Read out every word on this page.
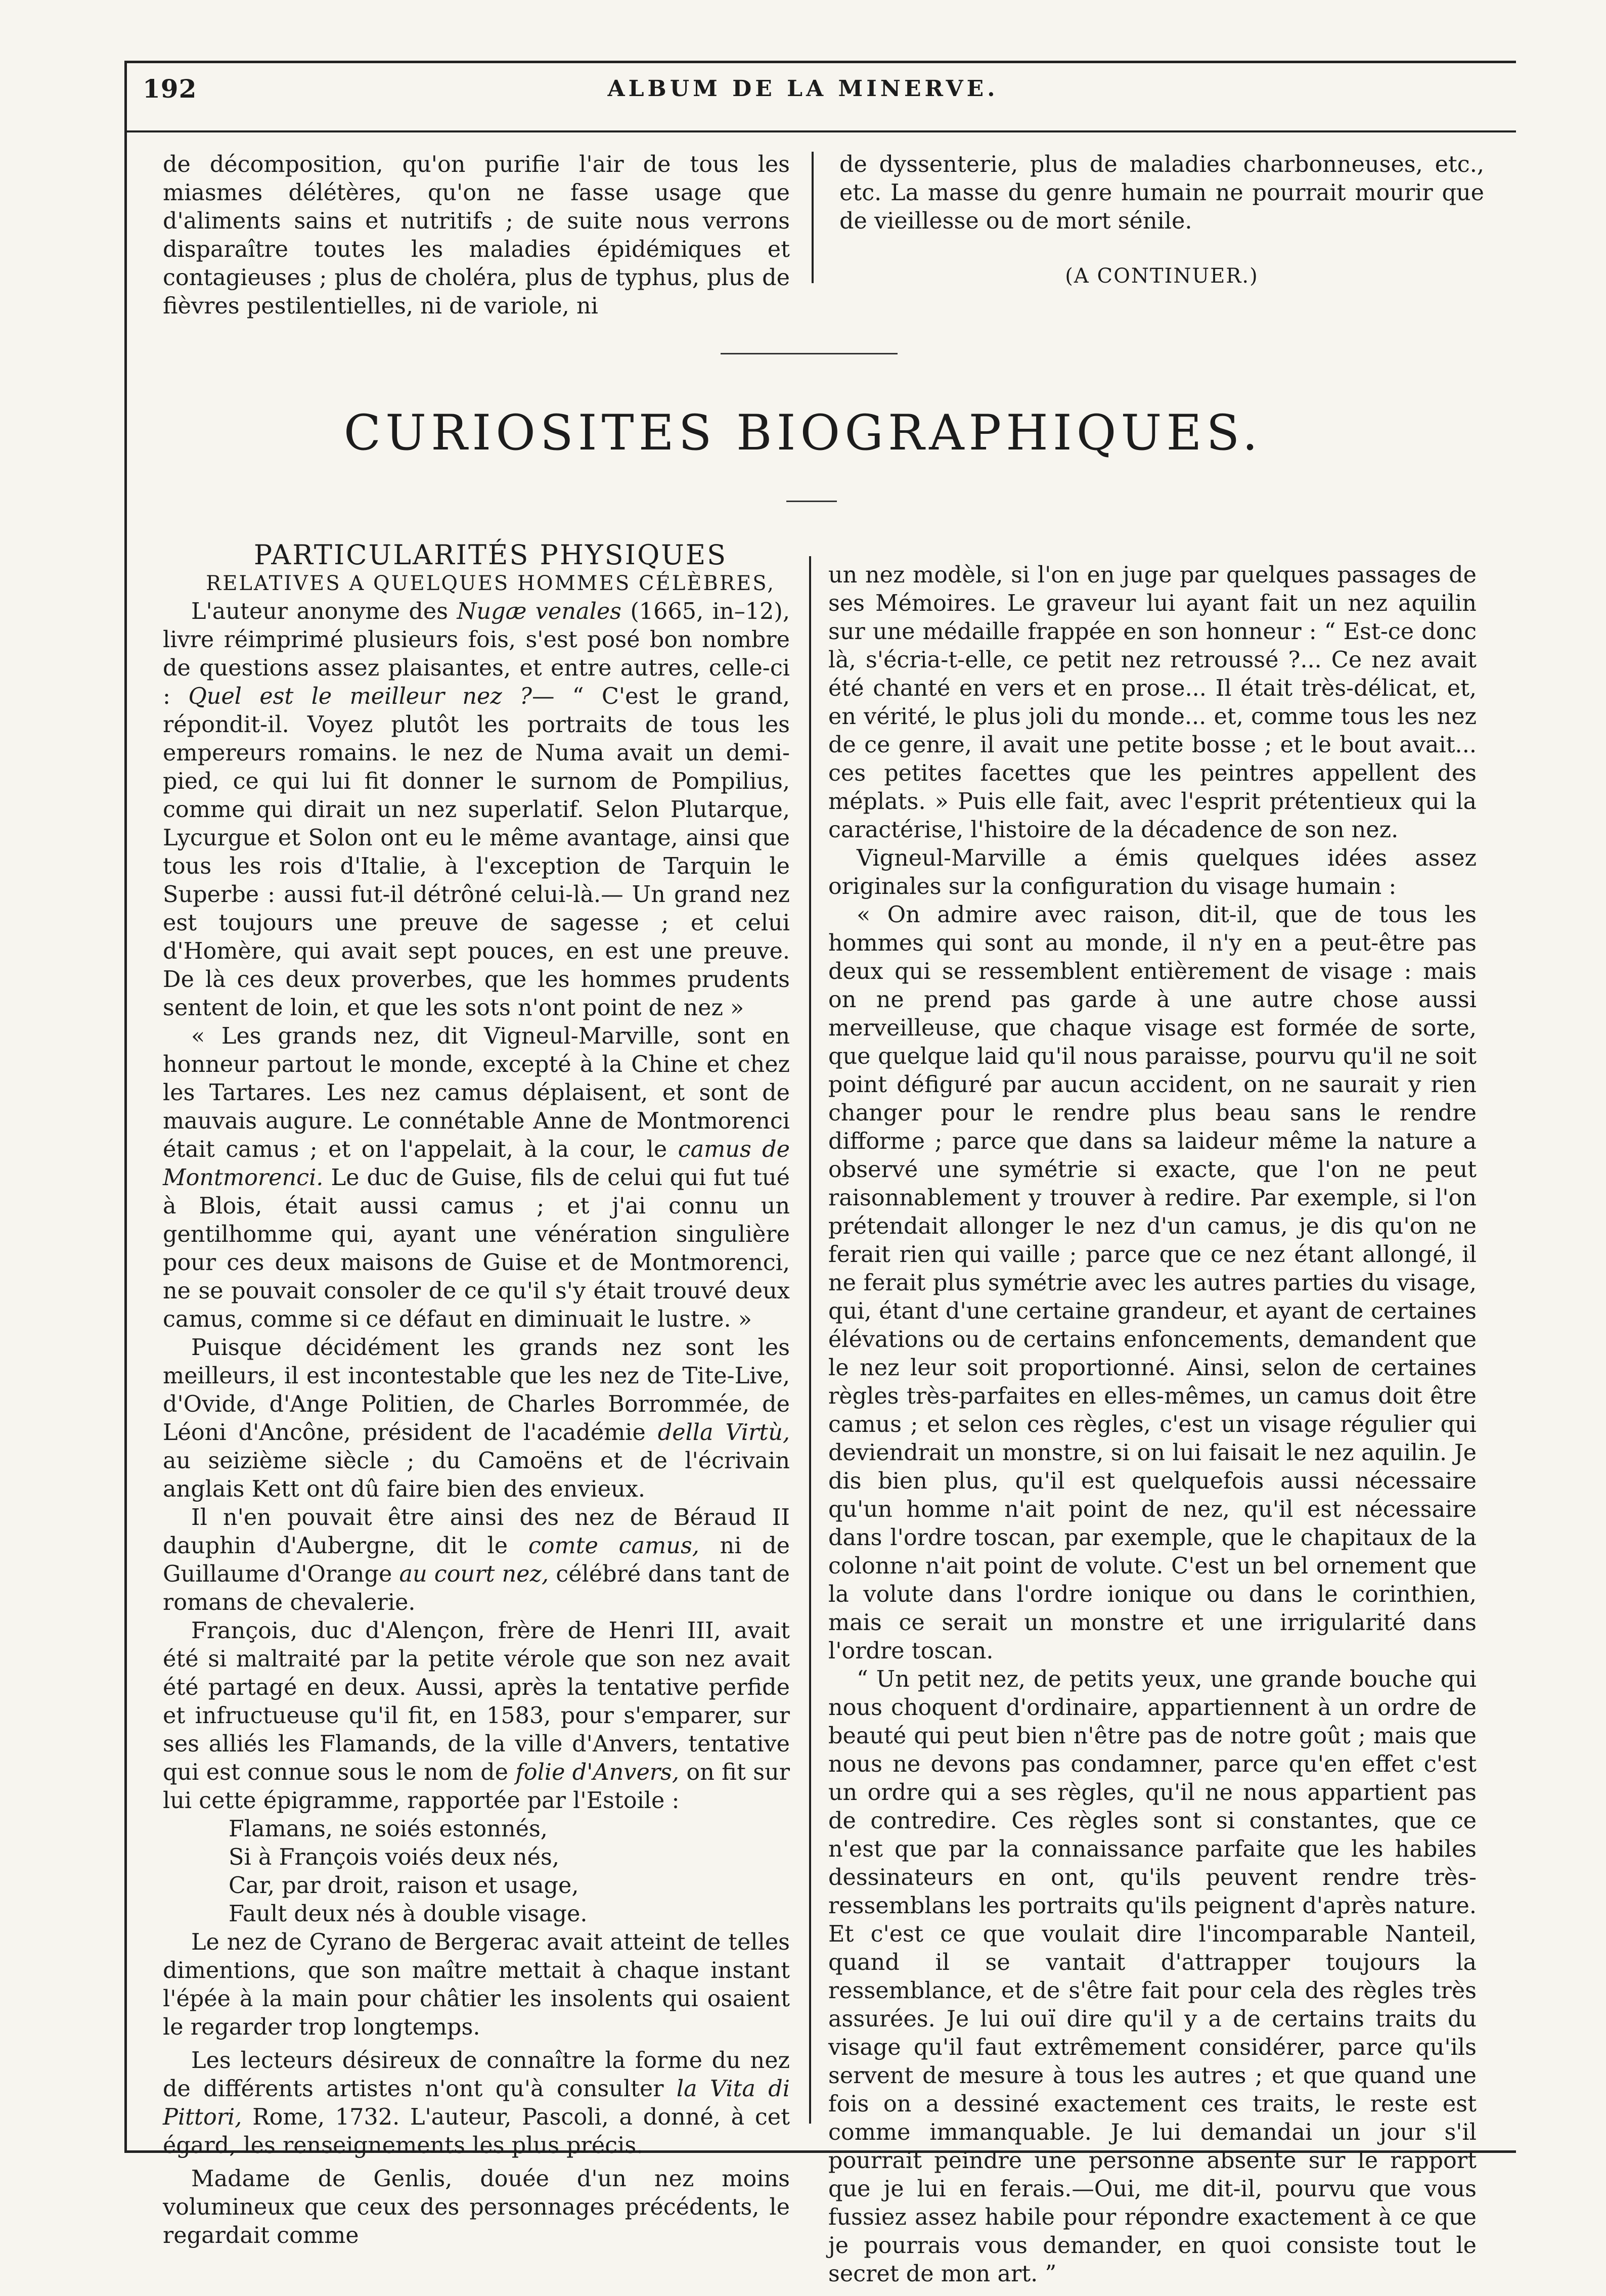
192	ALBUM DE LA MINERVE.

de décomposition, qu'on purifie l'air de tous les miasmes délétères, qu'on ne fasse usage que d'aliments sains et nutritifs ; de suite nous verrons disparaître toutes les maladies épidémiques et contagieuses ; plus de choléra, plus de typhus, plus de fièvres pestilentielles, ni de variole, ni

de dyssenterie, plus de maladies charbonneuses, etc., etc. La masse du genre humain ne pourrait mourir que de vieillesse ou de mort sénile.

(A CONTINUER.)

CURIOSITES BIOGRAPHIQUES.

PARTICULARITÉS PHYSIQUES

RELATIVES A QUELQUES HOMMES CÉLÈBRES,

L'auteur anonyme des Nugæ venales (1665, in–12), livre réimprimé plusieurs fois, s'est posé bon nombre de questions assez plaisantes, et entre autres, celle-ci : Quel est le meilleur nez ?— “ C'est le grand, répondit-il. Voyez plutôt les portraits de tous les empereurs romains. le nez de Numa avait un demi-pied, ce qui lui fit donner le surnom de Pompilius, comme qui dirait un nez superlatif. Selon Plutarque, Lycurgue et Solon ont eu le même avantage, ainsi que tous les rois d'Italie, à l'exception de Tarquin le Superbe : aussi fut-il détrôné celui-là.— Un grand nez est toujours une preuve de sagesse ; et celui d'Homère, qui avait sept pouces, en est une preuve. De là ces deux proverbes, que les hommes prudents sentent de loin, et que les sots n'ont point de nez »

« Les grands nez, dit Vigneul-Marville, sont en honneur partout le monde, excepté à la Chine et chez les Tartares. Les nez camus déplaisent, et sont de mauvais augure. Le connétable Anne de Montmorenci était camus ; et on l'appelait, à la cour, le camus de Montmorenci. Le duc de Guise, fils de celui qui fut tué à Blois, était aussi camus ; et j'ai connu un gentilhomme qui, ayant une vénération singulière pour ces deux maisons de Guise et de Montmorenci, ne se pouvait consoler de ce qu'il s'y était trouvé deux camus, comme si ce défaut en diminuait le lustre. »

Puisque décidément les grands nez sont les meilleurs, il est incontestable que les nez de Tite-Live, d'Ovide, d'Ange Politien, de Charles Borrommée, de Léoni d'Ancône, président de l'académie della Virtù, au seizième siècle ; du Camoëns et de l'écrivain anglais Kett ont dû faire bien des envieux.

Il n'en pouvait être ainsi des nez de Béraud II dauphin d'Aubergne, dit le comte camus, ni de Guillaume d'Orange au court nez, célébré dans tant de romans de chevalerie.

François, duc d'Alençon, frère de Henri III, avait été si maltraité par la petite vérole que son nez avait été partagé en deux. Aussi, après la tentative perfide et infructueuse qu'il fit, en 1583, pour s'emparer, sur ses alliés les Flamands, de la ville d'Anvers, tentative qui est connue sous le nom de folie d'Anvers, on fit sur lui cette épigramme, rapportée par l'Estoile :

Flamans, ne soiés estonnés,
Si à François voiés deux nés,
Car, par droit, raison et usage,
Fault deux nés à double visage.

Le nez de Cyrano de Bergerac avait atteint de telles dimentions, que son maître mettait à chaque instant l'épée à la main pour châtier les insolents qui osaient le regarder trop longtemps.

Les lecteurs désireux de connaître la forme du nez de différents artistes n'ont qu'à consulter la Vita di Pittori, Rome, 1732. L'auteur, Pascoli, a donné, à cet égard, les renseignements les plus précis.

Madame de Genlis, douée d'un nez moins volumineux que ceux des personnages précédents, le regardait comme

un nez modèle, si l'on en juge par quelques passages de ses Mémoires. Le graveur lui ayant fait un nez aquilin sur une médaille frappée en son honneur : “ Est-ce donc là, s'écria-t-elle, ce petit nez retroussé ?... Ce nez avait été chanté en vers et en prose... Il était très-délicat, et, en vérité, le plus joli du monde... et, comme tous les nez de ce genre, il avait une petite bosse ; et le bout avait... ces petites facettes que les peintres appellent des méplats. » Puis elle fait, avec l'esprit prétentieux qui la caractérise, l'histoire de la décadence de son nez.

Vigneul-Marville a émis quelques idées assez originales sur la configuration du visage humain :

« On admire avec raison, dit-il, que de tous les hommes qui sont au monde, il n'y en a peut-être pas deux qui se ressemblent entièrement de visage : mais on ne prend pas garde à une autre chose aussi merveilleuse, que chaque visage est formée de sorte, que quelque laid qu'il nous paraisse, pourvu qu'il ne soit point défiguré par aucun accident, on ne saurait y rien changer pour le rendre plus beau sans le rendre difforme ; parce que dans sa laideur même la nature a observé une symétrie si exacte, que l'on ne peut raisonnablement y trouver à redire. Par exemple, si l'on prétendait allonger le nez d'un camus, je dis qu'on ne ferait rien qui vaille ; parce que ce nez étant allongé, il ne ferait plus symétrie avec les autres parties du visage, qui, étant d'une certaine grandeur, et ayant de certaines élévations ou de certains enfoncements, demandent que le nez leur soit proportionné. Ainsi, selon de certaines règles très-parfaites en elles-mêmes, un camus doit être camus ; et selon ces règles, c'est un visage régulier qui deviendrait un monstre, si on lui faisait le nez aquilin. Je dis bien plus, qu'il est quelquefois aussi nécessaire qu'un homme n'ait point de nez, qu'il est nécessaire dans l'ordre toscan, par exemple, que le chapitaux de la colonne n'ait point de volute. C'est un bel ornement que la volute dans l'ordre ionique ou dans le corinthien, mais ce serait un monstre et une irrigularité dans l'ordre toscan.

“ Un petit nez, de petits yeux, une grande bouche qui nous choquent d'ordinaire, appartiennent à un ordre de beauté qui peut bien n'être pas de notre goût ; mais que nous ne devons pas condamner, parce qu'en effet c'est un ordre qui a ses règles, qu'il ne nous appartient pas de contredire. Ces règles sont si constantes, que ce n'est que par la connaissance parfaite que les habiles dessinateurs en ont, qu'ils peuvent rendre très-ressemblans les portraits qu'ils peignent d'après nature. Et c'est ce que voulait dire l'incomparable Nanteil, quand il se vantait d'attrapper toujours la ressemblance, et de s'être fait pour cela des règles très assurées. Je lui ouï dire qu'il y a de certains traits du visage qu'il faut extrêmement considérer, parce qu'ils servent de mesure à tous les autres ; et que quand une fois on a dessiné exactement ces traits, le reste est comme immanquable. Je lui demandai un jour s'il pourrait peindre une personne absente sur le rapport que je lui en ferais.—Oui, me dit-il, pourvu que vous fussiez assez habile pour répondre exactement à ce que je pourrais vous demander, en quoi consiste tout le secret de mon art. ”
